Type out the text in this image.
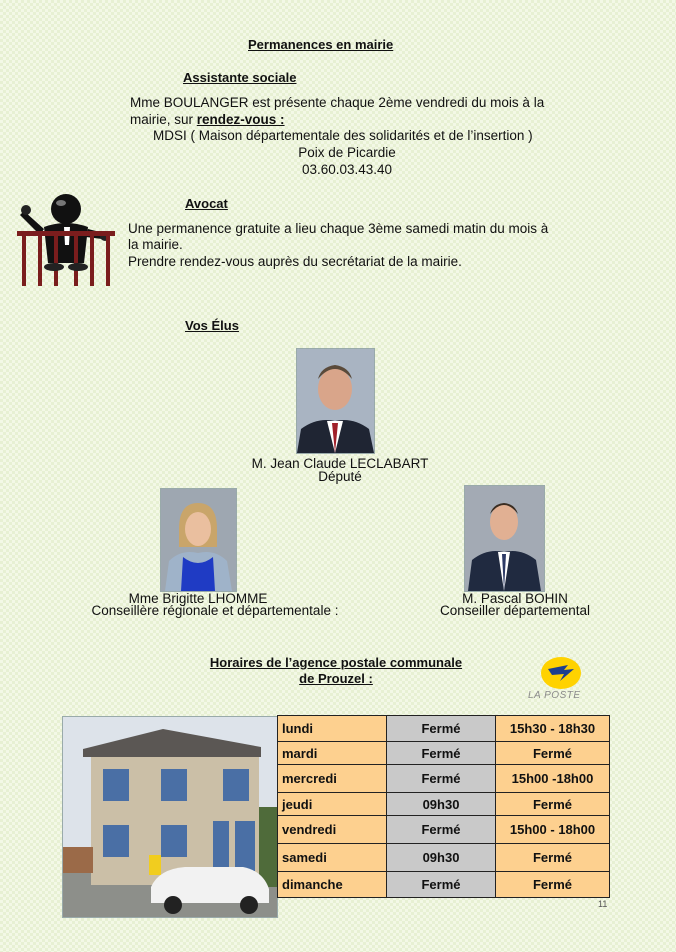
Permanences en mairie
Assistante sociale
Mme BOULANGER est présente chaque 2ème vendredi du mois à la
mairie, sur rendez-vous :
MDSI ( Maison départementale des solidarités et de l’insertion )
Poix de Picardie
03.60.03.43.40
Avocat
Une permanence gratuite a lieu chaque 3ème samedi matin du mois à
la mairie.
Prendre rendez-vous auprès du secrétariat de la mairie.
Vos Élus
M. Jean Claude LECLABART
Député
Mme Brigitte LHOMME
Conseillère régionale et départementale :
M. Pascal BOHIN
Conseiller départemental
Horaires de l’agence postale communale
de Prouzel :
LA POSTE
lundi	Fermé	15h30 - 18h30
mardi	Fermé	Fermé
mercredi	Fermé	15h00 -18h00
jeudi	09h30	Fermé
vendredi	Fermé	15h00 - 18h00
samedi	09h30	Fermé
dimanche	Fermé	Fermé
11
